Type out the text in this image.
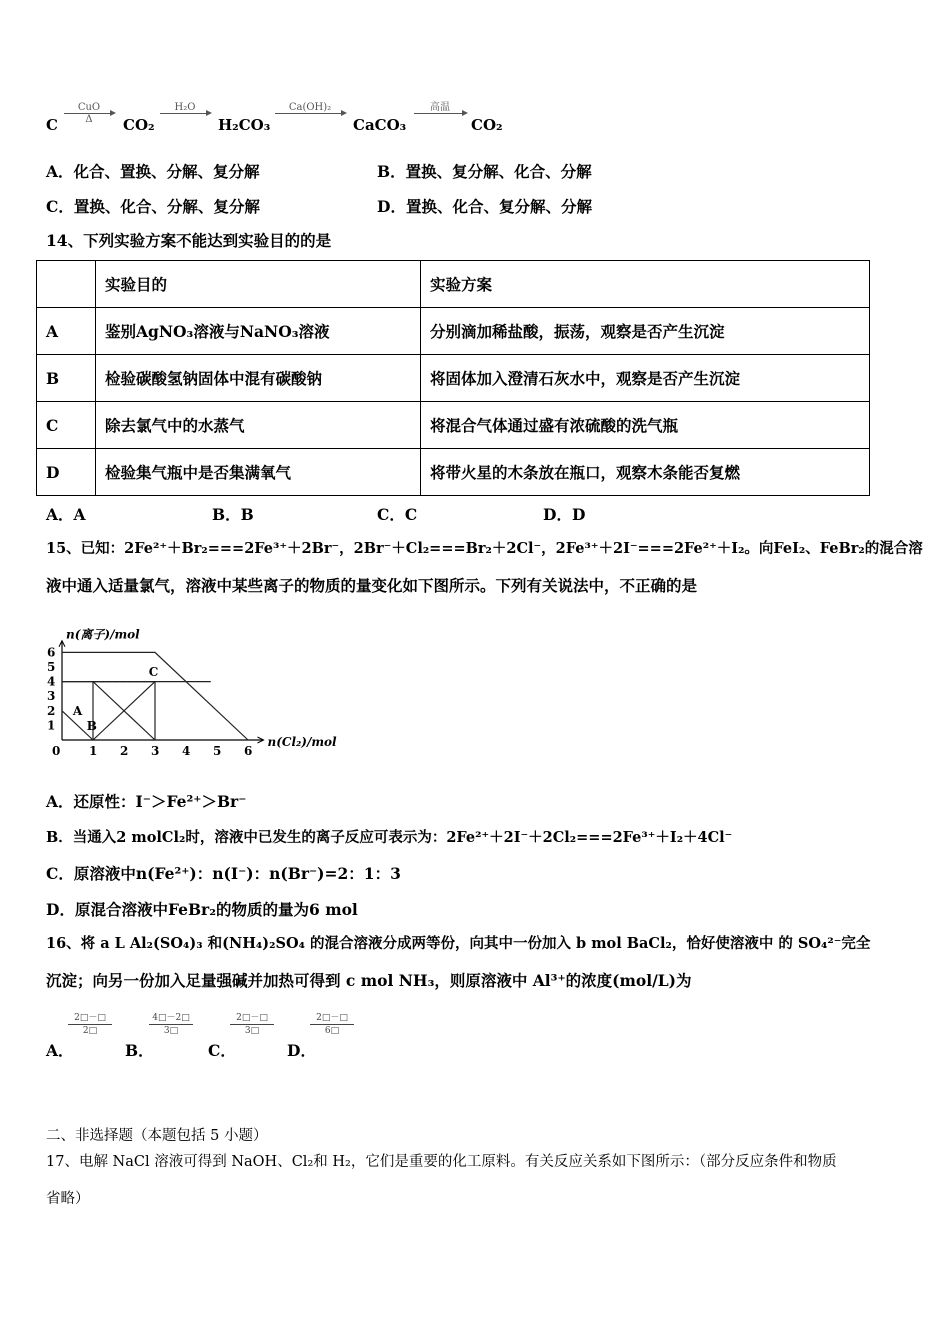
C
CuO
Δ	CO₂
H₂O
H₂CO₃
Ca(OH)₂
CaCO₃
高温
CO₂
A．化合、置换、分解、复分解	B．置换、复分解、化合、分解
C．置换、化合、分解、复分解	D．置换、化合、复分解、分解
14、下列实验方案不能达到实验目的的是
	实验目的	实验方案
A	鉴别AgNO₃溶液与NaNO₃溶液	分别滴加稀盐酸，振荡，观察是否产生沉淀
B	检验碳酸氢钠固体中混有碳酸钠	将固体加入澄清石灰水中，观察是否产生沉淀
C	除去氯气中的水蒸气	将混合气体通过盛有浓硫酸的洗气瓶
D	检验集气瓶中是否集满氧气	将带火星的木条放在瓶口，观察木条能否复燃
A．A	B．B	C．C	D．D
15、已知：2Fe²⁺＋Br₂===2Fe³⁺＋2Br⁻，2Br⁻＋Cl₂===Br₂＋2Cl⁻，2Fe³⁺＋2I⁻===2Fe²⁺＋I₂。向FeI₂、FeBr₂的混合溶
液中通入适量氯气，溶液中某些离子的物质的量变化如下图所示。下列有关说法中，不正确的是
n(离子)/mol
n(Cl₂)/mol
0 1 2 3 4 5 6
1
2
3
4
5
6
A
B
C
A．还原性：I⁻＞Fe²⁺＞Br⁻
B．当通入2 molCl₂时，溶液中已发生的离子反应可表示为：2Fe²⁺＋2I⁻＋2Cl₂===2Fe³⁺＋I₂＋4Cl⁻
C．原溶液中n(Fe²⁺)：n(I⁻)：n(Br⁻)=2：1：3
D．原混合溶液中FeBr₂的物质的量为6 mol
16、将 a L Al₂(SO₄)₃ 和(NH₄)₂SO₄ 的混合溶液分成两等份，向其中一份加入 b mol BaCl₂，恰好使溶液中 的 SO₄²⁻完全
沉淀；向另一份加入足量强碱并加热可得到 c mol NH₃，则原溶液中 Al³⁺的浓度(mol/L)为
A．
$\frac{2□-□}{2□}$
B．
$\frac{4□-2□}{3□}$
C．
$\frac{2□-□}{3□}$
D．
$\frac{2□-□}{6□}$
二、非选择题（本题包括 5 小题）
17、电解 NaCl 溶液可得到 NaOH、Cl₂和 H₂，它们是重要的化工原料。有关反应关系如下图所示：（部分反应条件和物质
省略）
